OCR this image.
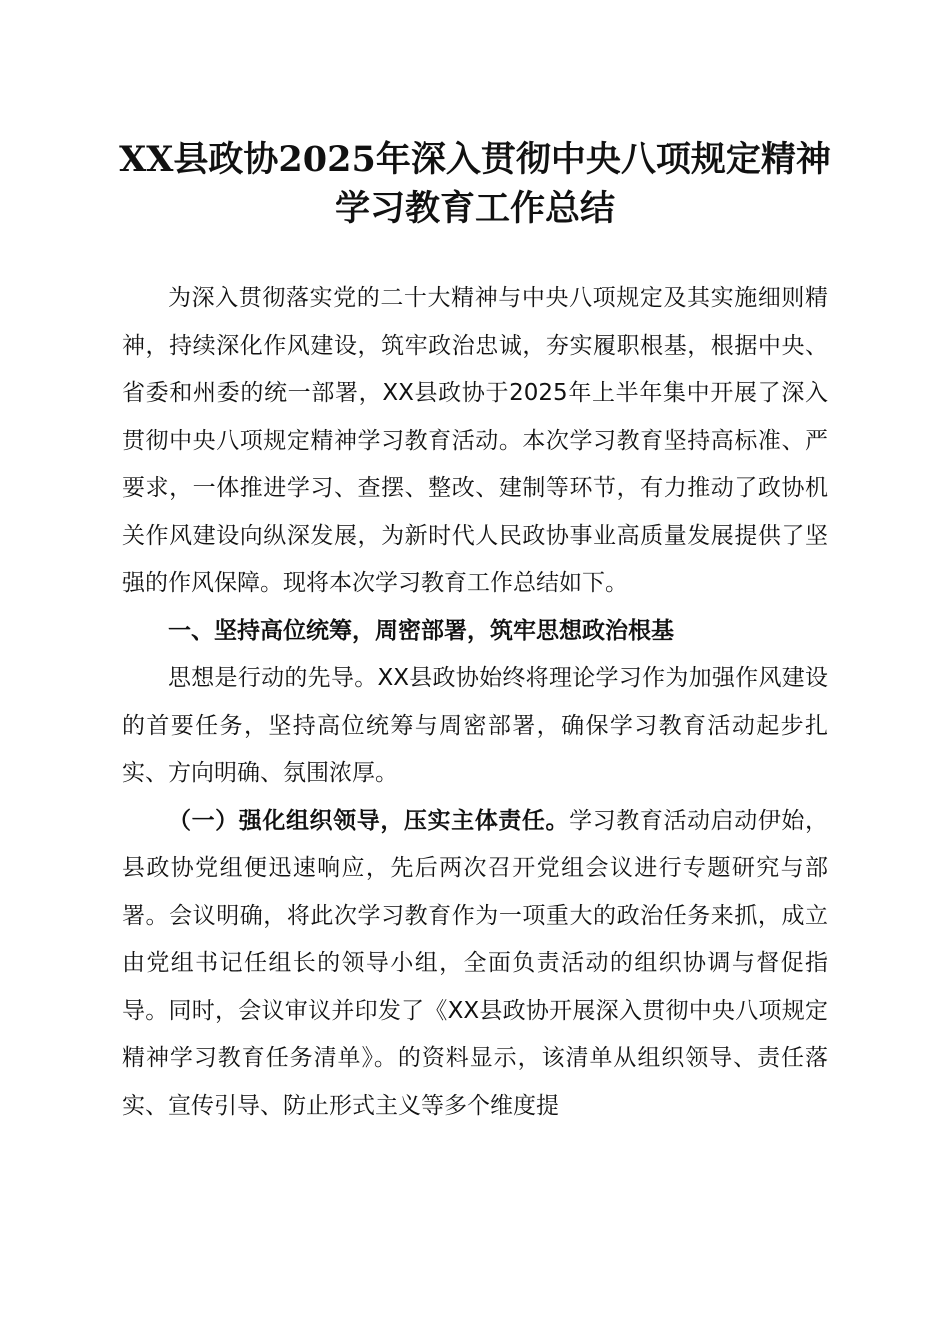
XX县政协2025年深入贯彻中央八项规定精神
学习教育工作总结

为深入贯彻落实党的二十大精神与中央八项规定及其实施细则精神，持续深化作风建设，筑牢政治忠诚，夯实履职根基，根据中央、省委和州委的统一部署，XX县政协于2025年上半年集中开展了深入贯彻中央八项规定精神学习教育活动。本次学习教育坚持高标准、严要求，一体推进学习、查摆、整改、建制等环节，有力推动了政协机关作风建设向纵深发展，为新时代人民政协事业高质量发展提供了坚强的作风保障。现将本次学习教育工作总结如下。

一、坚持高位统筹，周密部署，筑牢思想政治根基

思想是行动的先导。XX县政协始终将理论学习作为加强作风建设的首要任务，坚持高位统筹与周密部署，确保学习教育活动起步扎实、方向明确、氛围浓厚。

（一）强化组织领导，压实主体责任。学习教育活动启动伊始，县政协党组便迅速响应，先后两次召开党组会议进行专题研究与部署。会议明确，将此次学习教育作为一项重大的政治任务来抓，成立由党组书记任组长的领导小组，全面负责活动的组织协调与督促指导。同时，会议审议并印发了《XX县政协开展深入贯彻中央八项规定精神学习教育任务清单》。的资料显示，该清单从组织领导、责任落实、宣传引导、防止形式主义等多个维度提
